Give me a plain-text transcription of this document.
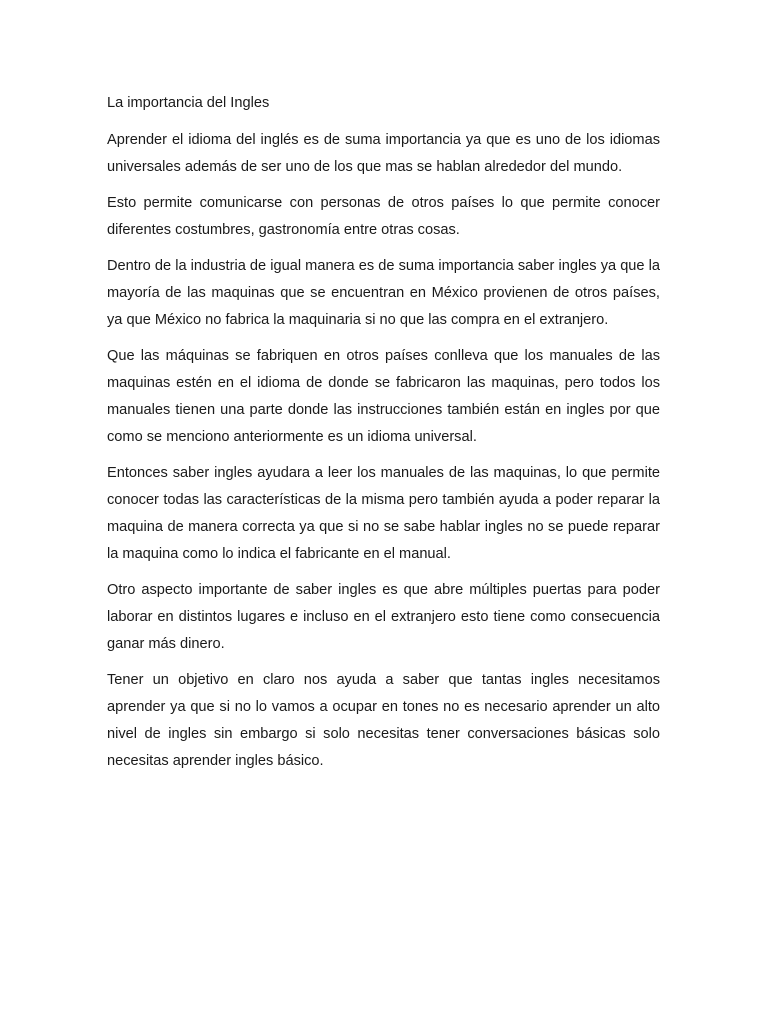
La importancia del Ingles

Aprender el idioma del inglés es de suma importancia ya que es uno de los idiomas universales además de ser uno de los que mas se hablan alrededor del mundo.

Esto permite comunicarse con personas de otros países lo que permite conocer diferentes costumbres, gastronomía entre otras cosas.

Dentro de la industria de igual manera es de suma importancia saber ingles ya que la mayoría de las maquinas que se encuentran en México provienen de otros países, ya que México no fabrica la maquinaria si no que las compra en el extranjero.

Que las máquinas se fabriquen en otros países conlleva que los manuales de las maquinas estén en el idioma de donde se fabricaron las maquinas, pero todos los manuales tienen una parte donde las instrucciones también están en ingles por que como se menciono anteriormente es un idioma universal.

Entonces saber ingles ayudara a leer los manuales de las maquinas, lo que permite conocer todas las características de la misma pero también ayuda a poder reparar la maquina de manera correcta ya que si no se sabe hablar ingles no se puede reparar la maquina como lo indica el fabricante en el manual.

Otro aspecto importante de saber ingles es que abre múltiples puertas para poder laborar en distintos lugares e incluso en el extranjero esto tiene como consecuencia ganar más dinero.

Tener un objetivo en claro nos ayuda a saber que tantas ingles necesitamos aprender ya que si no lo vamos a ocupar en tones no es necesario aprender un alto nivel de ingles sin embargo si solo necesitas tener conversaciones básicas solo necesitas aprender ingles básico.
